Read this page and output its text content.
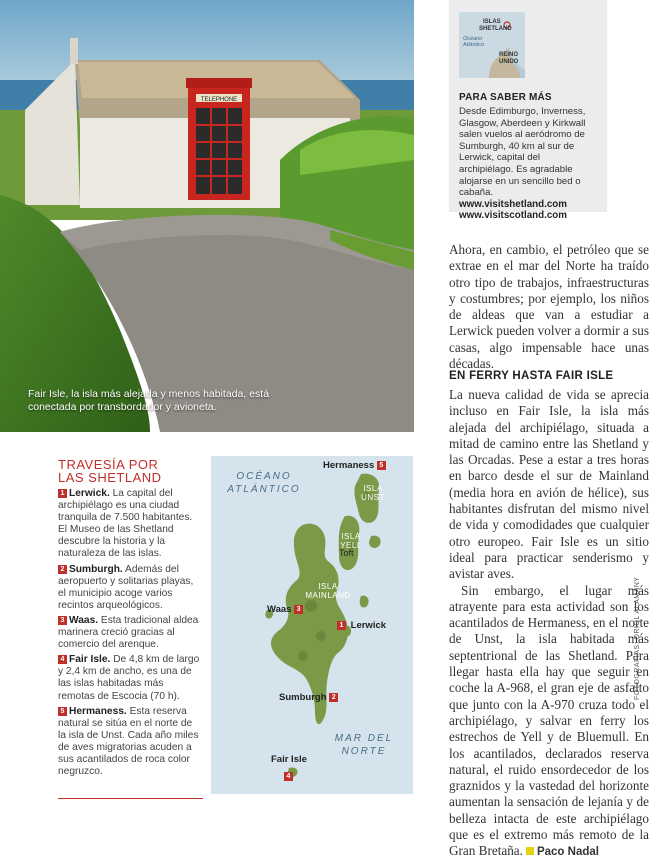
TELEPHONE
Fair Isle, la isla más alejada y menos habitada, está conectada por transbordador y avioneta.
ISLAS
SHETLAND
Océano
Atlántico
REINO
UNIDO
PARA SABER MÁS
Desde Edimburgo, Inverness, Glasgow, Aberdeen y Kirkwall salen vuelos al aeródromo de Sumburgh, 40 km al sur de Lerwick, capital del archipiélago. Es agradable alojarse en un sencillo bed o cabaña.
www.visitshetland.com
www.visitscotland.com

Ahora, en cambio, el petróleo que se extrae en el mar del Norte ha traído otro tipo de trabajos, infraestructuras y costumbres; por ejemplo, los niños de aldeas que van a estudiar a Lerwick pueden volver a dormir a sus casas, algo impensable hace unas décadas.

EN FERRY HASTA FAIR ISLE

La nueva calidad de vida se aprecia incluso en Fair Isle, la isla más alejada del archipiélago, situada a mitad de camino entre las Shetland y las Orcadas. Pese a estar a tres horas en barco desde el sur de Mainland (media hora en avión de hélice), sus habitantes disfrutan del mismo nivel de vida y comodidades que cualquier otro europeo. Fair Isle es un sitio ideal para practicar senderismo y avistar aves.

Sin embargo, el lugar más atrayente para esta actividad son los acantilados de Hermaness, en el norte de Unst, la isla habitada más septentrional de las Shetland. Para llegar hasta ella hay que seguir en coche la A-968, el gran eje de asfalto que junto con la A-970 cruza todo el archipiélago, y salvar en ferry los estrechos de Yell y de Bluemull. En los acantilados, declarados reserva natural, el ruido ensordecedor de los graznidos y la vastedad del horizonte aumentan la sensación de lejanía y de belleza intacta de este archipiélago que es el extremo más remoto de la Gran Bretaña. Paco Nadal

TRAVESÍA POR
LAS SHETLAND
1 Lerwick. La capital del archipiélago es una ciudad tranquila de 7.500 habitantes. El Museo de las Shetland descubre la historia y la naturaleza de las islas.
2 Sumburgh. Además del aeropuerto y solitarias playas, el municipio acoge varios recintos arqueológicos.
3 Waas. Esta tradicional aldea marinera creció gracias al comercio del arenque.
4 Fair Isle. De 4,8 km de largo y 2,4 km de ancho, es una de las islas habitadas más remotas de Escocia (70 h).
5 Hermaness. Esta reserva natural se sitúa en el norte de la isla de Unst. Cada año miles de aves migratorias acuden a sus acantilados de roca color negruzco.
OCÉANO
ATLÁNTICO
MAR DEL
NORTE
ISLA
UNST
ISLA
YELL
ISLA
MAINLAND
Toft
Hermaness 5
Waas 3
1 Lerwick
Sumburgh 2
Fair Isle
4
FOTOGRAFÍAS: ORIOL ALAMANY
